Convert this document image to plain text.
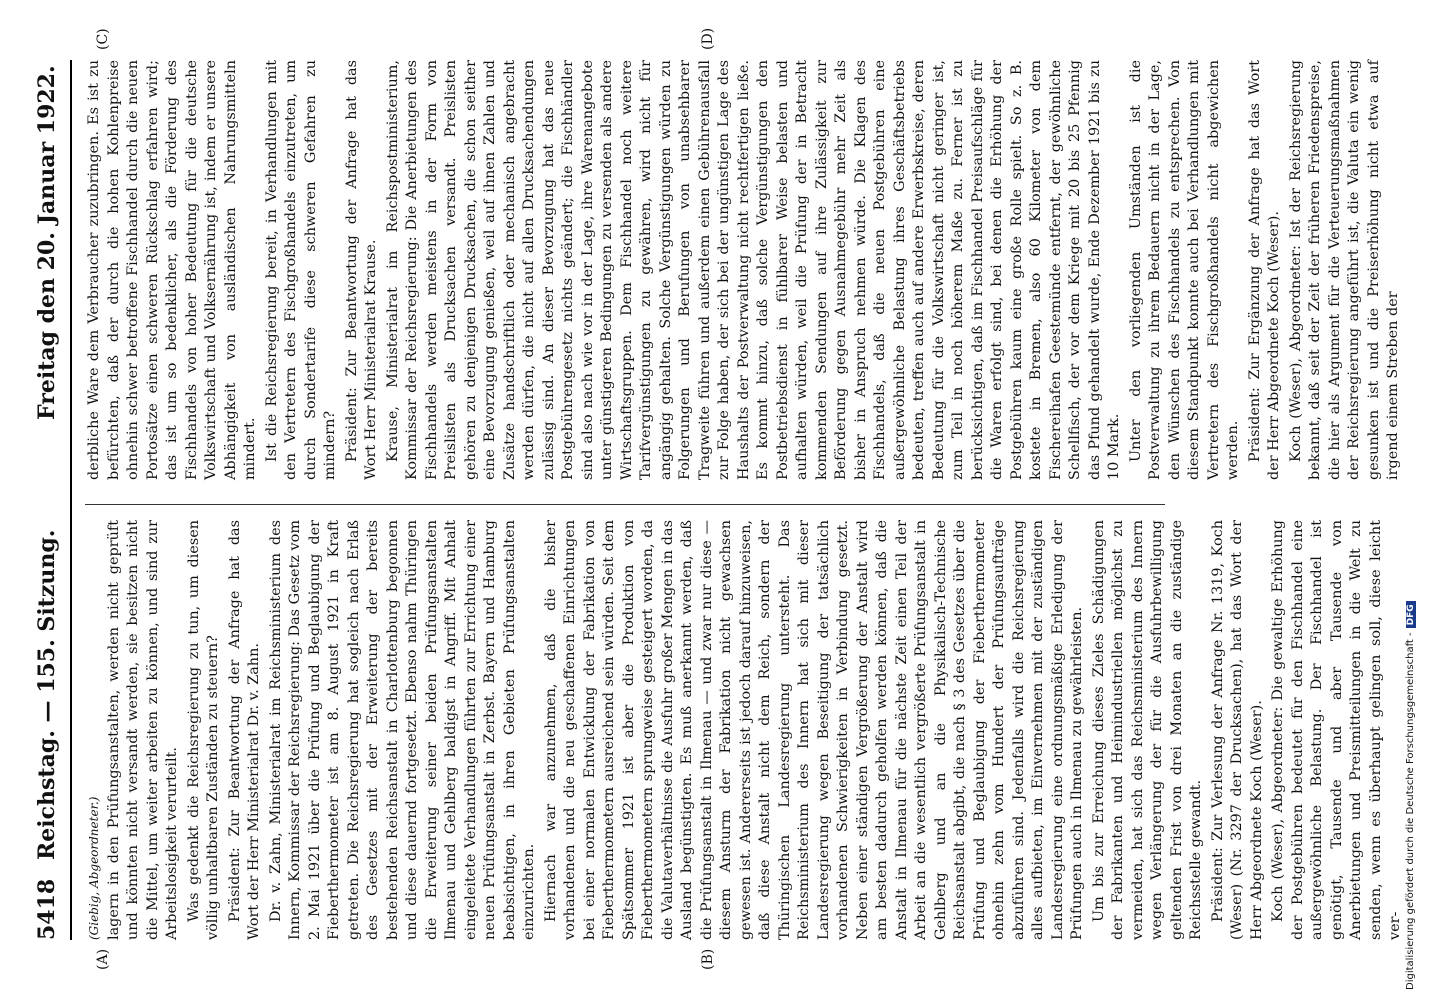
5418
Reichstag. — 155. Sitzung.
Freitag den 20. Januar 1922.
(A)	(B)
(C)	(D)
(Giebig, Abgeordneter.) lagern in den Prüfungsanstalten, werden nicht geprüft und könnten nicht versandt werden, sie besitzen nicht die Mittel, um weiter arbeiten zu können, und sind zur Arbeitslosigkeit verurteilt. Was gedenkt die Reichsregierung zu tun, um diesen völlig unhaltbaren Zuständen zu steuern? Präsident: Zur Beantwortung der Anfrage hat das Wort der Herr Ministerialrat Dr. v. Zahn. Dr. v. Zahn, Ministerialrat im Reichsministerium des Innern, Kommissar der Reichsregierung: Das Gesetz vom 2. Mai 1921 über die Prüfung und Beglaubigung der Fieberthermometer ist am 8. August 1921 in Kraft getreten. Die Reichsregierung hat sogleich nach Erlaß des Gesetzes mit der Erweiterung der bereits bestehenden Reichsanstalt in Charlottenburg begonnen und diese dauernd fortgesetzt. Ebenso nahm Thüringen die Erweiterung seiner beiden Prüfungsanstalten Ilmenau und Gehlberg baldigst in Angriff. Mit Anhalt eingeleitete Verhandlungen führten zur Errichtung einer neuen Prüfungsanstalt in Zerbst. Bayern und Hamburg beabsichtigen, in ihren Gebieten Prüfungsanstalten einzurichten. Hiernach war anzunehmen, daß die bisher vorhandenen und die neu geschaffenen Einrichtungen bei einer normalen Entwicklung der Fabrikation von Fieberthermometern ausreichend sein würden. Seit dem Spätsommer 1921 ist aber die Produktion von Fieberthermometern sprungweise gesteigert worden, da die Valutaverhältnisse die Ausfuhr großer Mengen in das Ausland begünstigten. Es muß anerkannt werden, daß die Prüfungsanstalt in Ilmenau — und zwar nur diese — diesem Ansturm der Fabrikation nicht gewachsen gewesen ist. Andererseits ist jedoch darauf hinzuweisen, daß diese Anstalt nicht dem Reich, sondern der Thüringischen Landesregierung untersteht. Das Reichsministerium des Innern hat sich mit dieser Landesregierung wegen Beseitigung der tatsächlich vorhandenen Schwierigkeiten in Verbindung gesetzt. Neben einer ständigen Vergrößerung der Anstalt wird am besten dadurch geholfen werden können, daß die Anstalt in Ilmenau für die nächste Zeit einen Teil der Arbeit an die wesentlich vergrößerte Prüfungsanstalt in Gehlberg und an die Physikalisch-Technische Reichsanstalt abgibt, die nach § 3 des Gesetzes über die Prüfung und Beglaubigung der Fieberthermometer ohnehin zehn vom Hundert der Prüfungsaufträge abzuführen sind. Jedenfalls wird die Reichsregierung alles aufbieten, im Einvernehmen mit der zuständigen Landesregierung eine ordnungsmäßige Erledigung der Prüfungen auch in Ilmenau zu gewährleisten. Um bis zur Erreichung dieses Zieles Schädigungen der Fabrikanten und Heimindustriellen möglichst zu vermeiden, hat sich das Reichsministerium des Innern wegen Verlängerung der für die Ausfuhrbewilligung geltenden Frist von drei Monaten an die zuständige Reichsstelle gewandt. Präsident: Zur Verlesung der Anfrage Nr. 1319, Koch (Weser) (Nr. 3297 der Drucksachen), hat das Wort der Herr Abgeordnete Koch (Weser). Koch (Weser), Abgeordneter: Die gewaltige Erhöhung der Postgebühren bedeutet für den Fischhandel eine außergewöhnliche Belastung. Der Fischhandel ist genötigt, Tausende und aber Tausende von Anerbietungen und Preismitteilungen in die Welt zu senden, wenn es überhaupt gelingen soll, diese leicht ver-

derbliche Ware dem Verbraucher zuzubringen. Es ist zu befürchten, daß der durch die hohen Kohlenpreise ohnehin schwer betroffene Fischhandel durch die neuen Portosätze einen schweren Rückschlag erfahren wird; das ist um so bedenklicher, als die Förderung des Fischhandels von hoher Bedeutung für die deutsche Volkswirtschaft und Volksernährung ist, indem er unsere Abhängigkeit von ausländischen Nahrungsmitteln mindert. Ist die Reichsregierung bereit, in Verhandlungen mit den Vertretern des Fischgroßhandels einzutreten, um durch Sondertarife diese schweren Gefahren zu mindern? Präsident: Zur Beantwortung der Anfrage hat das Wort Herr Ministerialrat Krause. Krause, Ministerialrat im Reichspostministerium, Kommissar der Reichsregierung: Die Anerbietungen des Fischhandels werden meistens in der Form von Preislisten als Drucksachen versandt. Preislisten gehören zu denjenigen Drucksachen, die schon seither eine Bevorzugung genießen, weil auf ihnen Zahlen und Zusätze handschriftlich oder mechanisch angebracht werden dürfen, die nicht auf allen Drucksachendungen zulässig sind. An dieser Bevorzugung hat das neue Postgebührengesetz nichts geändert; die Fischhändler sind also nach wie vor in der Lage, ihre Warenangebote unter günstigeren Bedingungen zu versenden als andere Wirtschaftsgruppen. Dem Fischhandel noch weitere Tarifvergünstigungen zu gewähren, wird nicht für angängig gehalten. Solche Vergünstigungen würden zu Folgerungen und Berufungen von unabsehbarer Tragweite führen und außerdem einen Gebührenausfall zur Folge haben, der sich bei der ungünstigen Lage des Haushalts der Postverwaltung nicht rechtfertigen ließe. Es kommt hinzu, daß solche Vergünstigungen den Postbetriebsdienst in fühlbarer Weise belasten und aufhalten würden, weil die Prüfung der in Betracht kommenden Sendungen auf ihre Zulässigkeit zur Beförderung gegen Ausnahmegebühr mehr Zeit als bisher in Anspruch nehmen würde. Die Klagen des Fischhandels, daß die neuen Postgebühren eine außergewöhnliche Belastung ihres Geschäftsbetriebs bedeuten, treffen auch auf andere Erwerbskreise, deren Bedeutung für die Volkswirtschaft nicht geringer ist, zum Teil in noch höherem Maße zu. Ferner ist zu berücksichtigen, daß im Fischhandel Preisaufschläge für die Waren erfolgt sind, bei denen die Erhöhung der Postgebühren kaum eine große Rolle spielt. So z. B. kostete in Bremen, also 60 Kilometer von dem Fischereihafen Geestemünde entfernt, der gewöhnliche Schellfisch, der vor dem Kriege mit 20 bis 25 Pfennig das Pfund gehandelt wurde, Ende Dezember 1921 bis zu 10 Mark. Unter den vorliegenden Umständen ist die Postverwaltung zu ihrem Bedauern nicht in der Lage, den Wünschen des Fischhandels zu entsprechen. Von diesem Standpunkt konnte auch bei Verhandlungen mit Vertretern des Fischgroßhandels nicht abgewichen werden. Präsident: Zur Ergänzung der Anfrage hat das Wort der Herr Abgeordnete Koch (Weser). Koch (Weser), Abgeordneter: Ist der Reichsregierung bekannt, daß seit der Zeit der früheren Friedenspreise, die hier als Argument für die Verteuerungsmaßnahmen der Reichsregierung angeführt ist, die Valuta ein wenig gesunken ist und die Preiserhöhung nicht etwa auf irgend einem Streben der

Digitalisierung gefördert durch die Deutsche Forschungsgemeinschaft -DFG
